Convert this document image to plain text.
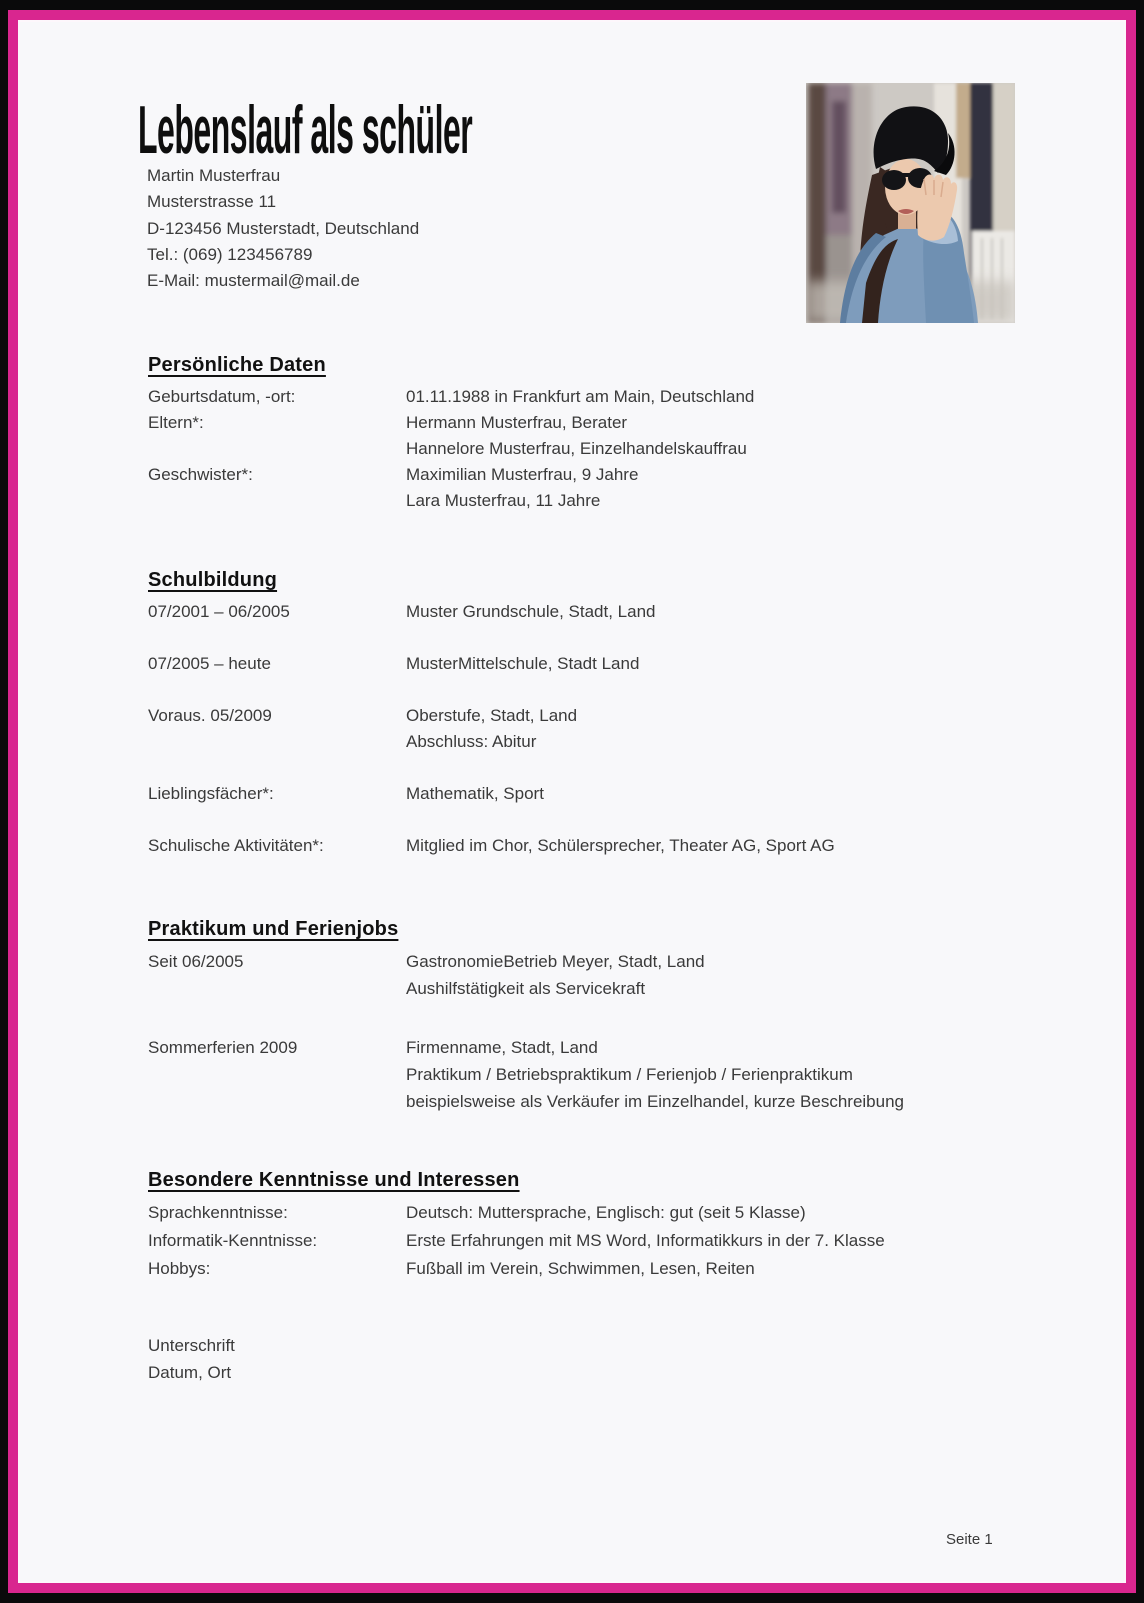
Lebenslauf als schüler
Martin Musterfrau
Musterstrasse 11
D-123456 Musterstadt, Deutschland
Tel.: (069) 123456789
E-Mail: mustermail@mail.de
Persönliche Daten
Geburtsdatum, -ort:	01.11.1988 in Frankfurt am Main, Deutschland
Eltern*:	Hermann Musterfrau, Berater
Hannelore Musterfrau, Einzelhandelskauffrau
Geschwister*:	Maximilian Musterfrau, 9 Jahre
Lara Musterfrau, 11 Jahre
Schulbildung
07/2001 – 06/2005	Muster Grundschule, Stadt, Land
07/2005 – heute	MusterMittelschule, Stadt Land
Voraus. 05/2009	Oberstufe, Stadt, Land
Abschluss: Abitur
Lieblingsfächer*:	Mathematik, Sport
Schulische Aktivitäten*:	Mitglied im Chor, Schülersprecher, Theater AG, Sport AG
Praktikum und Ferienjobs
Seit 06/2005	GastronomieBetrieb Meyer, Stadt, Land
Aushilfstätigkeit als Servicekraft
Sommerferien 2009	Firmenname, Stadt, Land
Praktikum / Betriebspraktikum / Ferienjob / Ferienpraktikum
beispielsweise als Verkäufer im Einzelhandel, kurze Beschreibung
Besondere Kenntnisse und Interessen
Sprachkenntnisse:	Deutsch: Muttersprache, Englisch: gut (seit 5 Klasse)
Informatik-Kenntnisse:	Erste Erfahrungen mit MS Word, Informatikkurs in der 7. Klasse
Hobbys:	Fußball im Verein, Schwimmen, Lesen, Reiten
Unterschrift
Datum, Ort
Seite 1
